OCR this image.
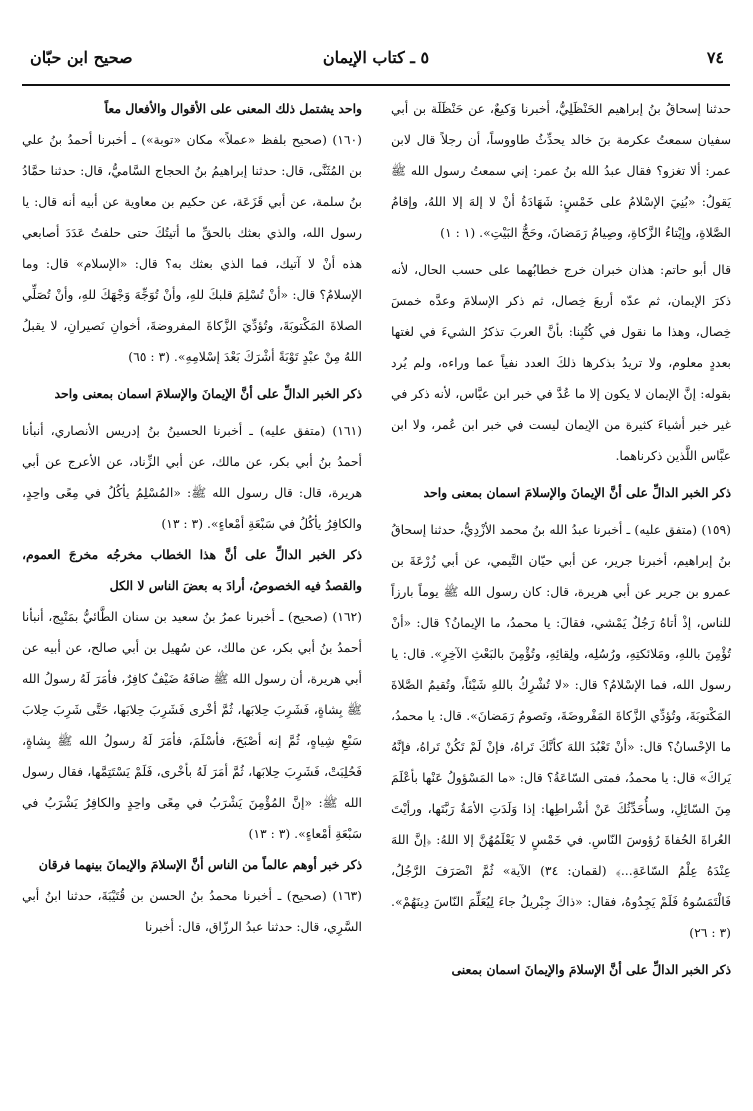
٧٤
٥ ـ كتاب الإيمان
صحيح ابن حبّان

حدثنا إسحاقُ بنُ إبراهيم الحَنْظَلِيُّ، أخبرنا وَكيعٌ، عن حَنْظَلَة بن أبي سفيان سمعتُ عكرمة بنَ خالد يحدِّثُ طاووساً، أن رجلاً قال لابن عمر: ألا تغزو؟ فقال عبدُ الله بنُ عمر: إني سمعتُ رسول الله ﷺ يَقولُ: «بُنِيَ الإسْلامُ على خَمْسٍ: شَهَادَةُ أنْ لا إلهَ إلا اللهُ، وإقامُ الصَّلاةِ، وإيْتاءُ الزَّكاةِ، وصِيامُ رَمَضانَ، وحَجُّ البَيْتِ». (١ : ١)

قال أبو حاتم: هذان خبران خرج خطابُهما على حسب الحال، لأنه ذكرَ الإيمان، ثم عدّه أربعَ خِصال، ثم ذكر الإسلامَ وعدَّه خمسَ خِصال، وهذا ما نقول في كُتُبِنا: بأنَّ العربَ تذكرُ الشيءَ في لغتها بعددٍ معلوم، ولا تريدُ بذكرها ذلكَ العدد نفياً عما وراءه، ولم يُرد بقوله: إنَّ الإيمان لا يكون إلا ما عُدَّ في خبر ابن عبَّاس، لأنه ذكر في غير خبر أشياءَ كثيرة من الإيمان ليست في خبر ابن عُمر، ولا ابن عبَّاس اللَّذين ذكرناهما.

ذكر الخبر الدالِّ على أنَّ الإيمانَ والإسلامَ اسمان بمعنى واحد

(١٥٩) (متفق عليه) ـ أخبرنا عبدُ الله بنُ محمد الأزْدِيُّ، حدثنا إسحاقُ بنُ إبراهيم، أخبرنا جرير، عن أبي حيّان التَّيمي، عن أبي زُرْعَةَ بن عمرو بن جرير عن أبي هريرة، قال: كان رسول الله ﷺ يوماً بارزاً للناس، إذْ أتاهُ رَجُلٌ يَمْشي، فقالَ: يا محمدُ، ما الإيمانُ؟ قال: «أنْ تُؤْمِنَ باللهِ، ومَلائكتِهِ، ورُسُلِه، ولِقائِهِ، وتُؤْمِنَ بالبَعْثِ الآخِرِ». قال: يا رسول الله، فما الإسْلامُ؟ قال: «لا تُشْرِكُ باللهِ شَيْئاً، وتُقيمُ الصَّلاةَ المَكْتوبَةَ، وتُؤدِّي الزَّكاةَ المَفْروضَةَ، وتَصومُ رَمَضانَ». قال: يا محمدُ، ما الإحْسانُ؟ قال: «أنْ تَعْبُدَ اللهَ كأنَّكَ تَراهُ، فإنْ لَمْ تَكُنْ تَراهُ، فإنَّهُ يَراكَ» قال: يا محمدُ، فمتى السّاعَةُ؟ قال: «ما المَسْؤولُ عَنْها بأعْلَمَ مِنَ السّائِلِ، وسأُحَدِّثُكَ عَنْ أشْراطِها: إذا وَلَدَتِ الأمَةُ رَبَّتَها، ورأيْتَ العُراةَ الحُفاةَ رُؤوسَ النّاسِ. في خَمْسٍ لا يَعْلَمُهُنَّ إلا اللهُ: ﴿إنَّ اللهَ عِنْدَهُ عِلْمُ السّاعَةِ...﴾ (لقمان: ٣٤) الآية» ثُمَّ انْصَرَفَ الرَّجُلُ، فَالْتَمَسُوهُ فَلَمْ يَجِدُوهُ، فقال: «ذاكَ جِبْريلُ جاءَ لِيُعَلِّمَ النّاسَ دِينَهُمْ». (٣ : ٢٦)

ذكر الخبر الدالِّ على أنَّ الإسلامَ والإيمانَ اسمان بمعنى

واحد يشتمل ذلك المعنى على الأقوال والأفعال معاً

(١٦٠) (صحيح بلفظ «عملاً» مكان «توبة») ـ أخبرنا أحمدُ بنُ علي بن المُثَنَّى، قال: حدثنا إبراهيمُ بنُ الحجاج السَّاميُّ، قال: حدثنا حمَّادُ بنُ سلمة، عن أبي قَزَعَة، عن حكيم بن معاوية عن أبيه أنه قال: يا رسول الله، والذي بعثك بالحقِّ ما أتيتُكَ حتى حلفتُ عَدَدَ أصابعي هذه أنْ لا آتيك، فما الذي بعثك به؟ قال: «الإسلام» قال: وما الإسلامُ؟ قال: «أنْ تُسْلِمَ قلبكَ للهِ، وأنْ تُوَجِّهَ وَجْهَكَ للهِ، وأنْ تُصَلِّي الصلاةَ المَكْتوبَةَ، وتُؤدِّيَ الزَّكاةَ المفروضةَ، أخوانِ نَصيرانِ، لا يقبلُ اللهُ مِنْ عبْدٍ تَوْبَةً أشْرَكَ بَعْدَ إسْلامِهِ». (٣ : ٦٥)

ذكر الخبر الدالِّ على أنَّ الإيمانَ والإسلامَ اسمان بمعنى واحد

(١٦١) (متفق عليه) ـ أخبرنا الحسينُ بنُ إدريس الأنصاري، أنبأنا أحمدُ بنُ أبي بكر، عن مالك، عن أبي الزِّناد، عن الأعرج عن أبي هريرة، قال: قال رسول الله ﷺ: «المُسْلِمُ يأكُلُ في مِعًى واحِدٍ، والكافِرُ يأكُلُ في سَبْعَةِ أمْعاءٍ». (٣ : ١٣)

ذكر الخبر الدالِّ على أنَّ هذا الخطاب مخرجُه مخرجَ العموم، والقصدُ فيه الخصوصُ، أرادَ به بعضَ الناس لا الكل

(١٦٢) (صحيح) ـ أخبرنا عمرُ بنُ سعيد بن سنان الطَّائيُّ بمَنْبِج، أنبأنا أحمدُ بنُ أبي بكر، عن مالك، عن سُهيل بن أبي صالح، عن أبيه عن أبي هريرة، أن رسول الله ﷺ ضافَهُ ضَيْفٌ كافِرٌ، فأمَرَ لَهُ رسولُ الله ﷺ بِشاةٍ، فَشَرِبَ حِلابَها، ثُمَّ أخْرى فَشَرِبَ حِلابَها، حَتَّى شَرِبَ حِلابَ سَبْعِ شِياهٍ، ثُمَّ إنه أصْبَحَ، فأسْلَمَ، فأمَرَ لَهُ رسولُ الله ﷺ بِشاةٍ، فَحُلِبَتْ، فَشَرِبَ حِلابَها، ثُمَّ أمَرَ لَهُ بأخْرى، فَلَمْ يَسْتَتِمَّها، فقال رسول الله ﷺ: «إنَّ المُؤْمِنَ يَشْرَبُ في مِعًى واحِدٍ والكافِرُ يَشْرَبُ في سَبْعَةِ أمْعاءٍ». (٣ : ١٣)

ذكر خبر أوهم عالماً من الناس أنَّ الإسلامَ والإيمانَ بينهما فرقان

(١٦٣) (صحيح) ـ أخبرنا محمدُ بنُ الحسن بن قُتَيْبَةَ، حدثنا ابنُ أبي السَّرِي، قال: حدثنا عبدُ الرزّاق، قال: أخبرنا
